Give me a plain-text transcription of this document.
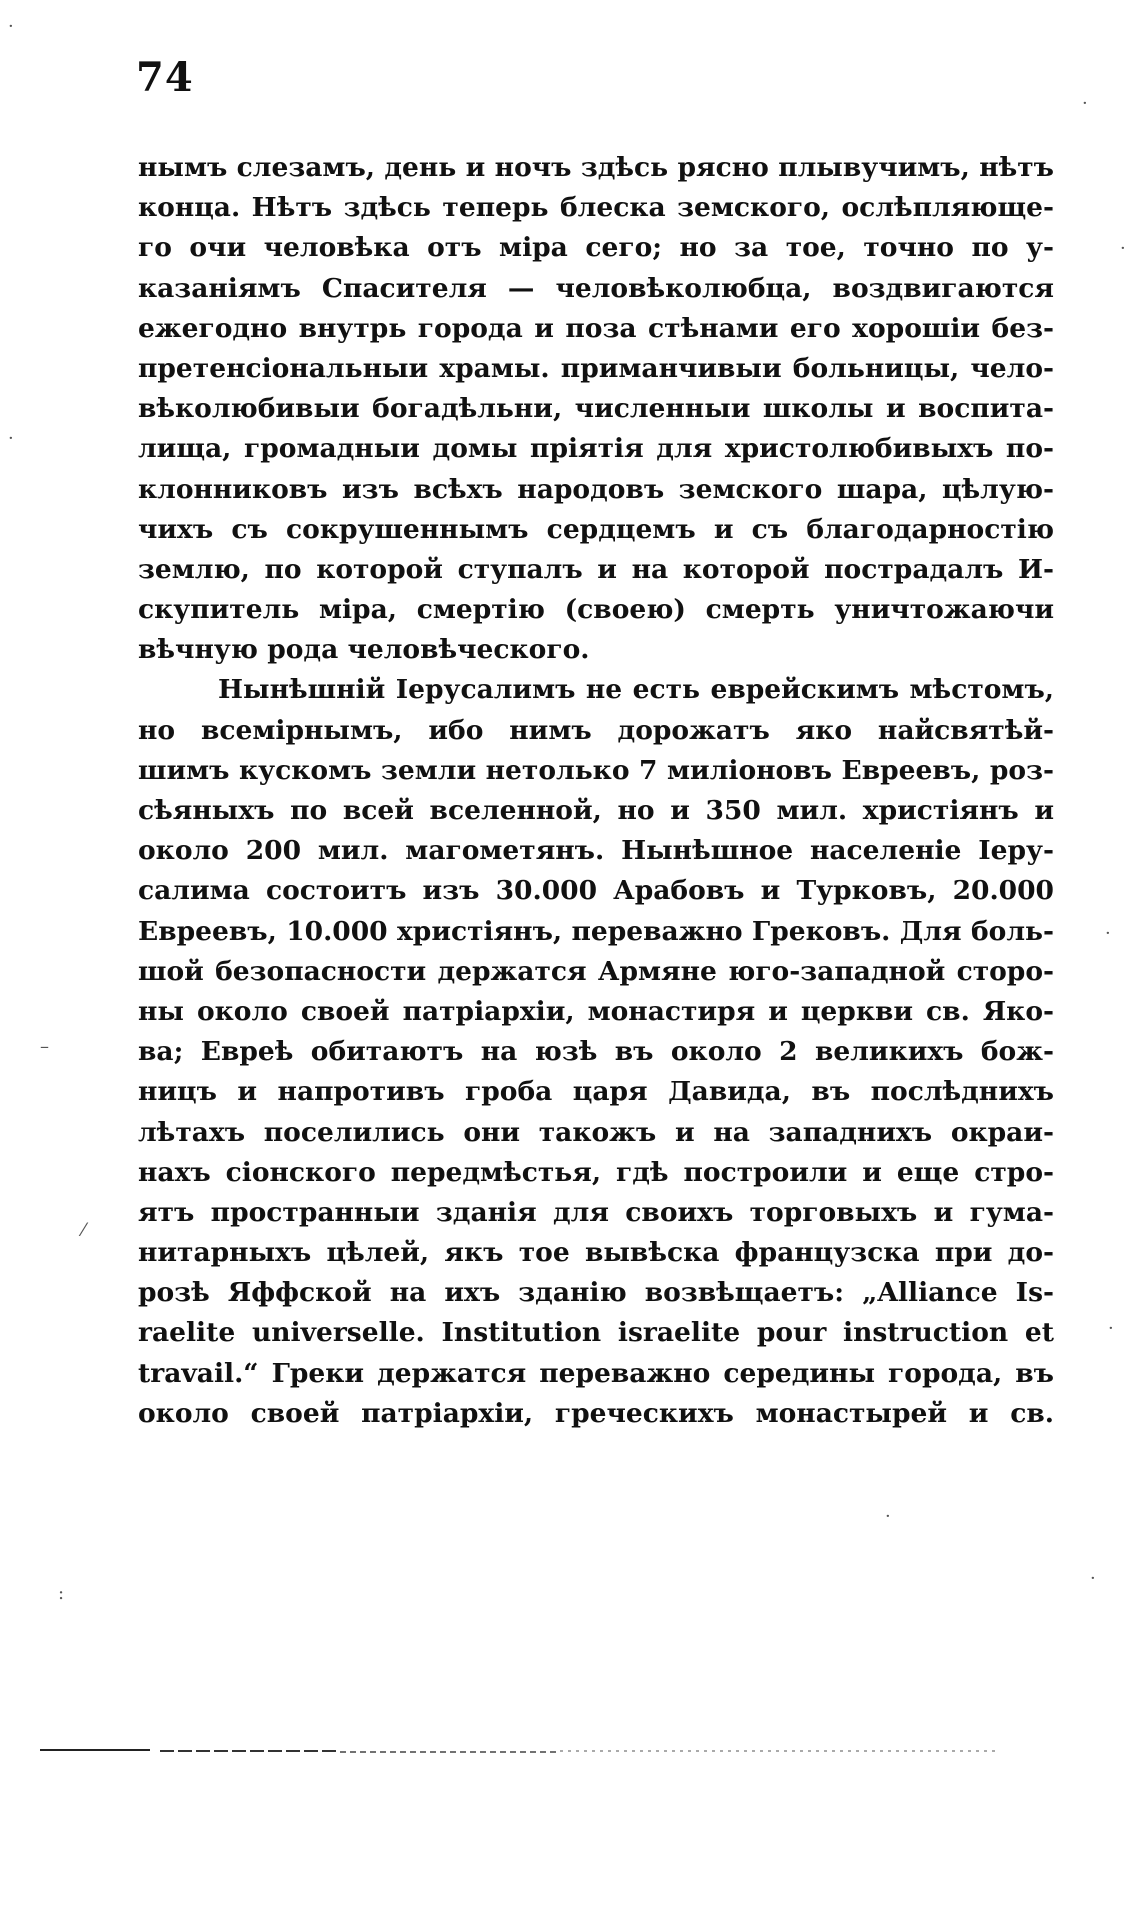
74
нымъ слезамъ, день и ночъ здѣсь рясно плывучимъ, нѣтъ
конца. Нѣтъ здѣсь теперь блеска земского, ослѣпляюще-
го очи человѣка отъ міра сего; но за тое, точно по у-
казаніямъ Спасителя — человѣколюбца, воздвигаются
ежегодно внутрь города и поза стѣнами его хорошіи без-
претенсіональныи храмы. приманчивыи больницы, чело-
вѣколюбивыи богадѣльни, численныи школы и воспита-
лища, громадныи домы пріятія для христолюбивыхъ по-
клонниковъ изъ всѣхъ народовъ земского шара, цѣлую-
чихъ съ сокрушеннымъ сердцемъ и съ благодарностію
землю, по которой ступалъ и на которой пострадалъ И-
скупитель міра, смертію (своею) смерть уничтожаючи
вѣчную рода человѣческого.
Нынѣшній Іерусалимъ не есть еврейскимъ мѣстомъ,
но всемірнымъ, ибо нимъ дорожатъ яко найсвятѣй-
шимъ кускомъ земли нетолько 7 миліоновъ Евреевъ, роз-
сѣяныхъ по всей вселенной, но и 350 мил. христіянъ и
около 200 мил. магометянъ. Нынѣшное населеніе Іеру-
салима состоитъ изъ 30.000 Арабовъ и Турковъ, 20.000
Евреевъ, 10.000 христіянъ, переважно Грековъ. Для боль-
шой безопасности держатся Армяне юго-западной сторо-
ны около своей патріархіи, монастиря и церкви св. Яко-
ва; Евреѣ обитаютъ на юзѣ въ около 2 великихъ бож-
ницъ и напротивъ гроба царя Давида, въ послѣднихъ
лѣтахъ поселились они такожъ и на западнихъ окраи-
нахъ сіонского передмѣстья, гдѣ построили и еще стро-
ятъ пространныи зданія для своихъ торговыхъ и гума-
нитарныхъ цѣлей, якъ тое вывѣска французска при до-
розѣ Яффской на ихъ зданію возвѣщаетъ: „Alliance Is-
raelite universelle. Institution israelite pour instruction et
travail.“ Греки держатся переважно середины города, въ
около своей патріархіи, греческихъ монастырей и св.
·
·
·
·
·
–
⁄
·
:
·
·
